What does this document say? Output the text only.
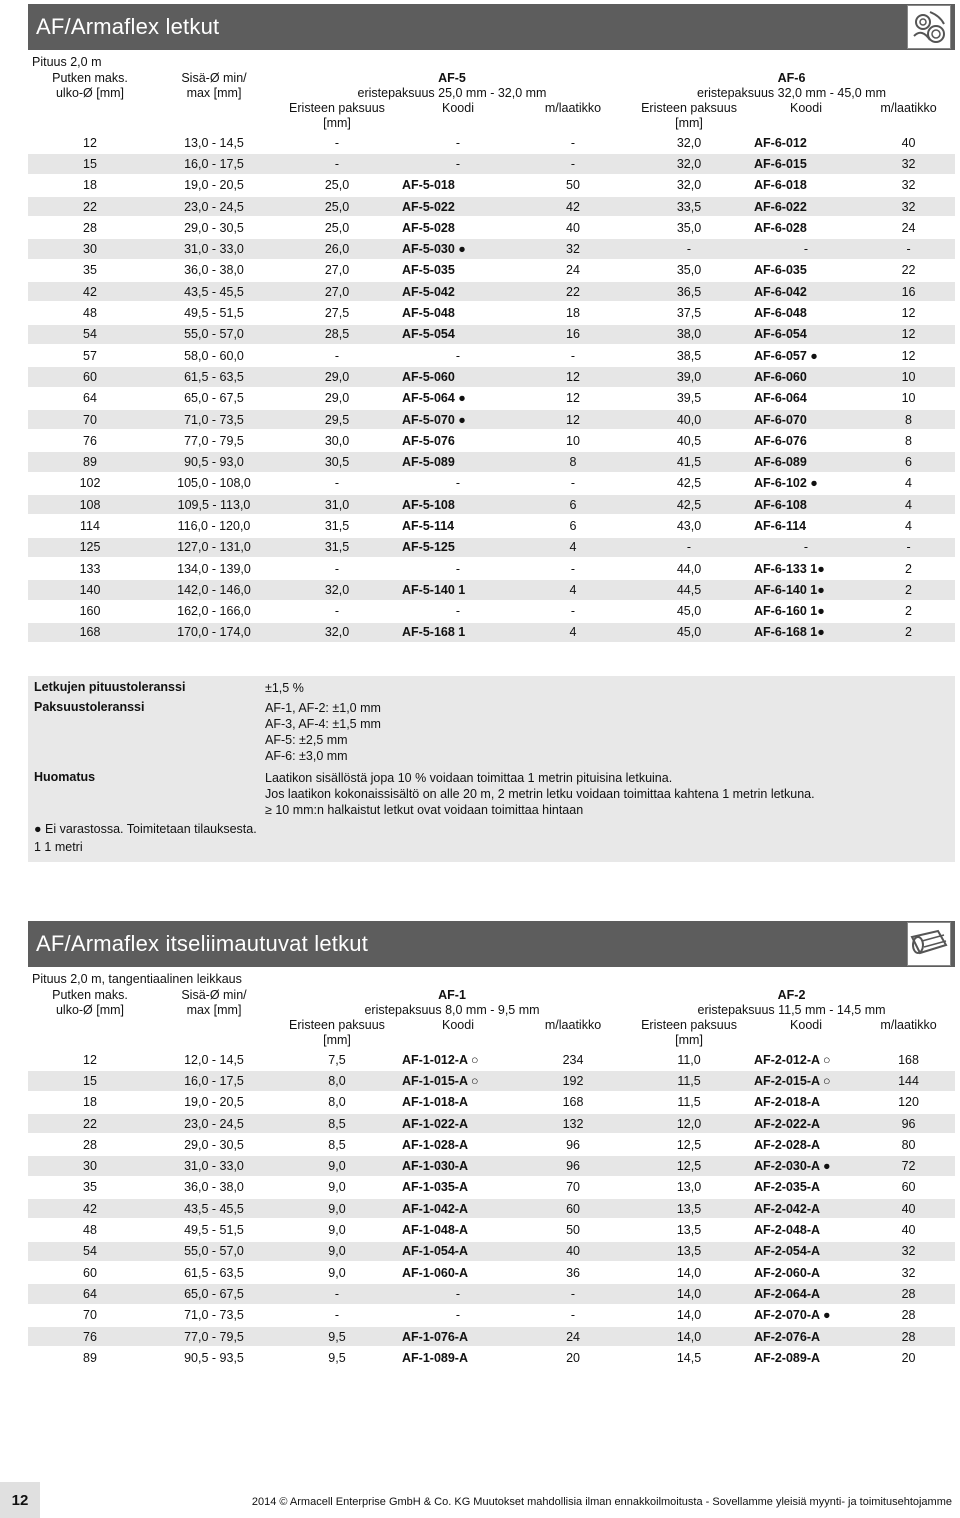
AF/Armaflex letkut
Pituus 2,0 m
Putken maks.
ulko-Ø [mm]	Sisä-Ø min/
max [mm]	AF-5
eristepaksuus 25,0 mm - 32,0 mm			AF-6
eristepaksuus 32,0 mm - 45,0 mm		
		Eristeen paksuus
[mm]	Koodi	m/laatikko	Eristeen paksuus
[mm]	Koodi	m/laatikko
12	13,0 - 14,5	-	-	-	32,0	AF-6-012	40
15	16,0 - 17,5	-	-	-	32,0	AF-6-015	32
18	19,0 - 20,5	25,0	AF-5-018	50	32,0	AF-6-018	32
22	23,0 - 24,5	25,0	AF-5-022	42	33,5	AF-6-022	32
28	29,0 - 30,5	25,0	AF-5-028	40	35,0	AF-6-028	24
30	31,0 - 33,0	26,0	AF-5-030 ●	32	-	-	-
35	36,0 - 38,0	27,0	AF-5-035	24	35,0	AF-6-035	22
42	43,5 - 45,5	27,0	AF-5-042	22	36,5	AF-6-042	16
48	49,5 - 51,5	27,5	AF-5-048	18	37,5	AF-6-048	12
54	55,0 - 57,0	28,5	AF-5-054	16	38,0	AF-6-054	12
57	58,0 - 60,0	-	-	-	38,5	AF-6-057 ●	12
60	61,5 - 63,5	29,0	AF-5-060	12	39,0	AF-6-060	10
64	65,0 - 67,5	29,0	AF-5-064 ●	12	39,5	AF-6-064	10
70	71,0 - 73,5	29,5	AF-5-070 ●	12	40,0	AF-6-070	8
76	77,0 - 79,5	30,0	AF-5-076	10	40,5	AF-6-076	8
89	90,5 - 93,0	30,5	AF-5-089	8	41,5	AF-6-089	6
102	105,0 - 108,0	-	-	-	42,5	AF-6-102 ●	4
108	109,5 - 113,0	31,0	AF-5-108	6	42,5	AF-6-108	4
114	116,0 - 120,0	31,5	AF-5-114	6	43,0	AF-6-114	4
125	127,0 - 131,0	31,5	AF-5-125	4	-	-	-
133	134,0 - 139,0	-	-	-	44,0	AF-6-133 1●	2
140	142,0 - 146,0	32,0	AF-5-140 1	4	44,5	AF-6-140 1●	2
160	162,0 - 166,0	-	-	-	45,0	AF-6-160 1●	2
168	170,0 - 174,0	32,0	AF-5-168 1	4	45,0	AF-6-168 1●	2
Letkujen pituustoleranssi	±1,5 %
Paksuustoleranssi	AF-1, AF-2: ±1,0 mm
AF-3, AF-4: ±1,5 mm
AF-5: ±2,5 mm
AF-6: ±3,0 mm
Huomatus	Laatikon sisällöstä jopa 10 % voidaan toimittaa 1 metrin pituisina letkuina.
Jos laatikon kokonaissisältö on alle 20 m, 2 metrin letku voidaan toimittaa kahtena 1 metrin letkuna.
≥ 10 mm:n halkaistut letkut ovat voidaan toimittaa hintaan
● Ei varastossa. Toimitetaan tilauksesta.
1 1 metri
AF/Armaflex itseliimautuvat letkut
Pituus 2,0 m, tangentiaalinen leikkaus
Putken maks.
ulko-Ø [mm]	Sisä-Ø min/
max [mm]	AF-1
eristepaksuus 8,0 mm - 9,5 mm			AF-2
eristepaksuus 11,5 mm - 14,5 mm		
		Eristeen paksuus
[mm]	Koodi	m/laatikko	Eristeen paksuus
[mm]	Koodi	m/laatikko
12	12,0 - 14,5	7,5	AF-1-012-A ○	234	11,0	AF-2-012-A ○	168
15	16,0 - 17,5	8,0	AF-1-015-A ○	192	11,5	AF-2-015-A ○	144
18	19,0 - 20,5	8,0	AF-1-018-A	168	11,5	AF-2-018-A	120
22	23,0 - 24,5	8,5	AF-1-022-A	132	12,0	AF-2-022-A	96
28	29,0 - 30,5	8,5	AF-1-028-A	96	12,5	AF-2-028-A	80
30	31,0 - 33,0	9,0	AF-1-030-A	96	12,5	AF-2-030-A ●	72
35	36,0 - 38,0	9,0	AF-1-035-A	70	13,0	AF-2-035-A	60
42	43,5 - 45,5	9,0	AF-1-042-A	60	13,5	AF-2-042-A	40
48	49,5 - 51,5	9,0	AF-1-048-A	50	13,5	AF-2-048-A	40
54	55,0 - 57,0	9,0	AF-1-054-A	40	13,5	AF-2-054-A	32
60	61,5 - 63,5	9,0	AF-1-060-A	36	14,0	AF-2-060-A	32
64	65,0 - 67,5	-	-	-	14,0	AF-2-064-A	28
70	71,0 - 73,5	-	-	-	14,0	AF-2-070-A ●	28
76	77,0 - 79,5	9,5	AF-1-076-A	24	14,0	AF-2-076-A	28
89	90,5 - 93,5	9,5	AF-1-089-A	20	14,5	AF-2-089-A	20
12	2014 © Armacell Enterprise GmbH & Co. KG Muutokset mahdollisia ilman ennakkoilmoitusta - Sovellamme yleisiä myynti- ja toimitusehtojamme
